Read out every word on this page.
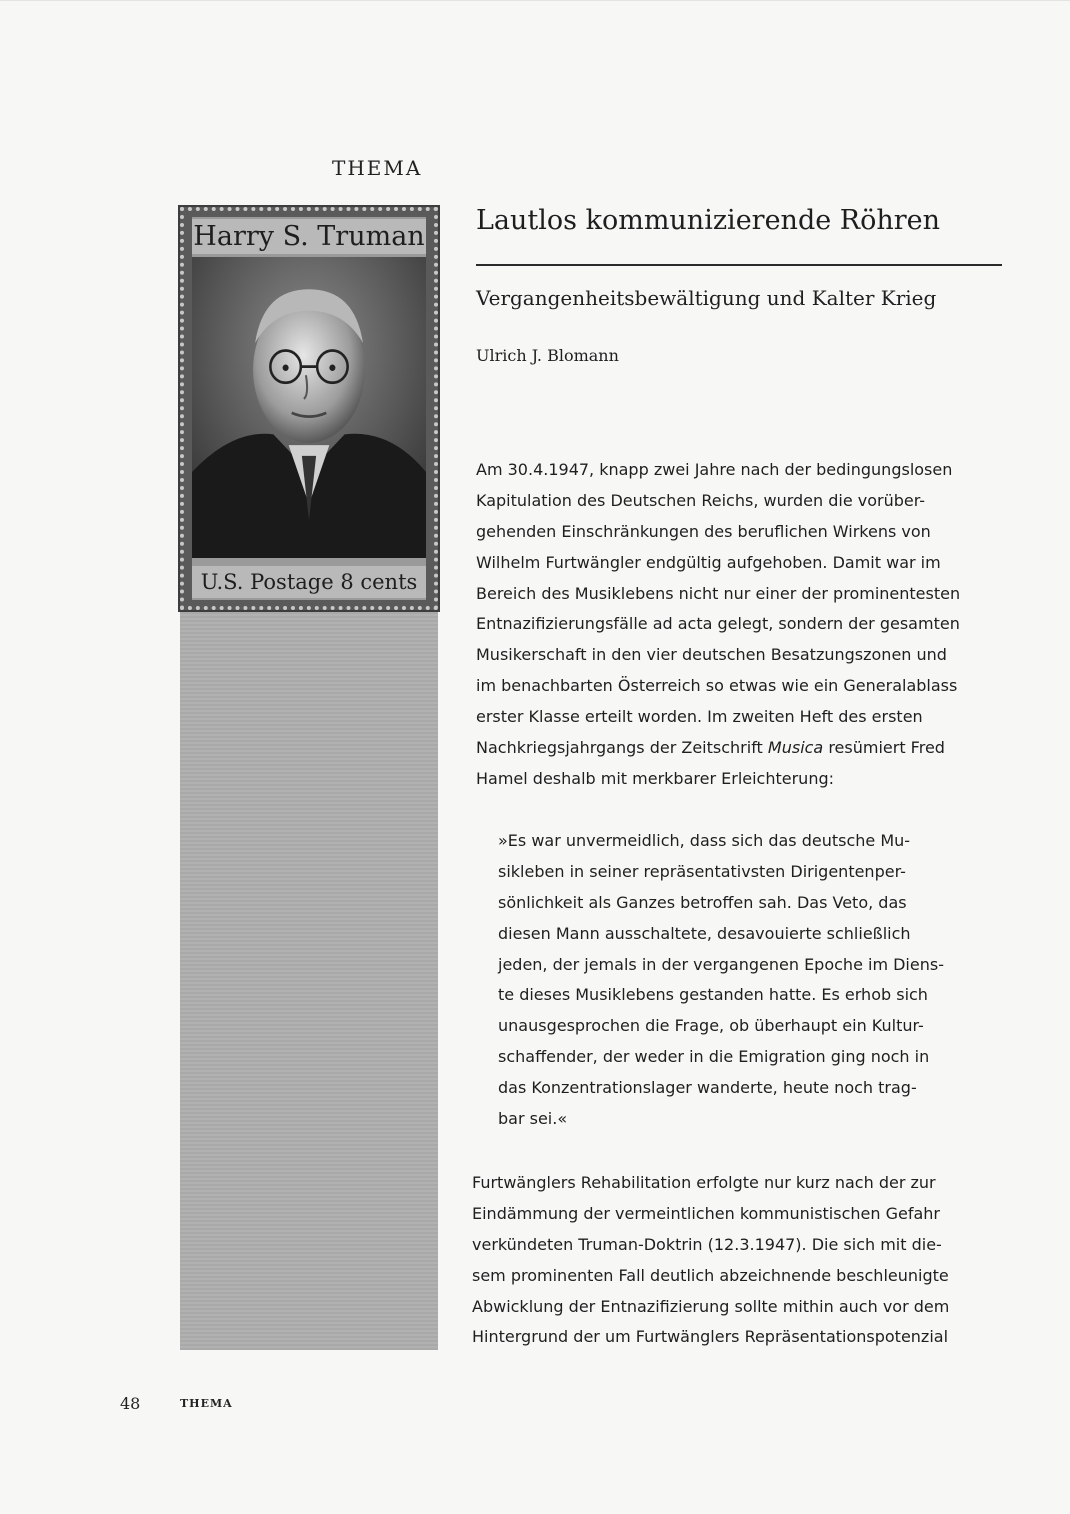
THEMA
Harry S. Truman
U.S. Postage 8 cents
Lautlos kommunizierende Röhren
Vergangenheitsbewältigung und Kalter Krieg
Ulrich J. Blomann
Am 30.4.1947, knapp zwei Jahre nach der bedingungslosen
Kapitulation des Deutschen Reichs, wurden die vorüber-
gehenden Einschränkungen des beruflichen Wirkens von
Wilhelm Furtwängler endgültig aufgehoben. Damit war im
Bereich des Musiklebens nicht nur einer der prominentesten
Entnazifizierungsfälle ad acta gelegt, sondern der gesamten
Musikerschaft in den vier deutschen Besatzungszonen und
im benachbarten Österreich so etwas wie ein Generalablass
erster Klasse erteilt worden. Im zweiten Heft des ersten
Nachkriegsjahrgangs der Zeitschrift Musica resümiert Fred
Hamel deshalb mit merkbarer Erleichterung:
»Es war unvermeidlich, dass sich das deutsche Mu-
sikleben in seiner repräsentativsten Dirigentenper-
sönlichkeit als Ganzes betroffen sah. Das Veto, das
diesen Mann ausschaltete, desavouierte schließlich
jeden, der jemals in der vergangenen Epoche im Diens-
te dieses Musiklebens gestanden hatte. Es erhob sich
unausgesprochen die Frage, ob überhaupt ein Kultur-
schaffender, der weder in die Emigration ging noch in
das Konzentrationslager wanderte, heute noch trag-
bar sei.«
Furtwänglers Rehabilitation erfolgte nur kurz nach der zur
Eindämmung der vermeintlichen kommunistischen Gefahr
verkündeten Truman-Doktrin (12.3.1947). Die sich mit die-
sem prominenten Fall deutlich abzeichnende beschleunigte
Abwicklung der Entnazifizierung sollte mithin auch vor dem
Hintergrund der um Furtwänglers Repräsentationspotenzial
48	THEMA
